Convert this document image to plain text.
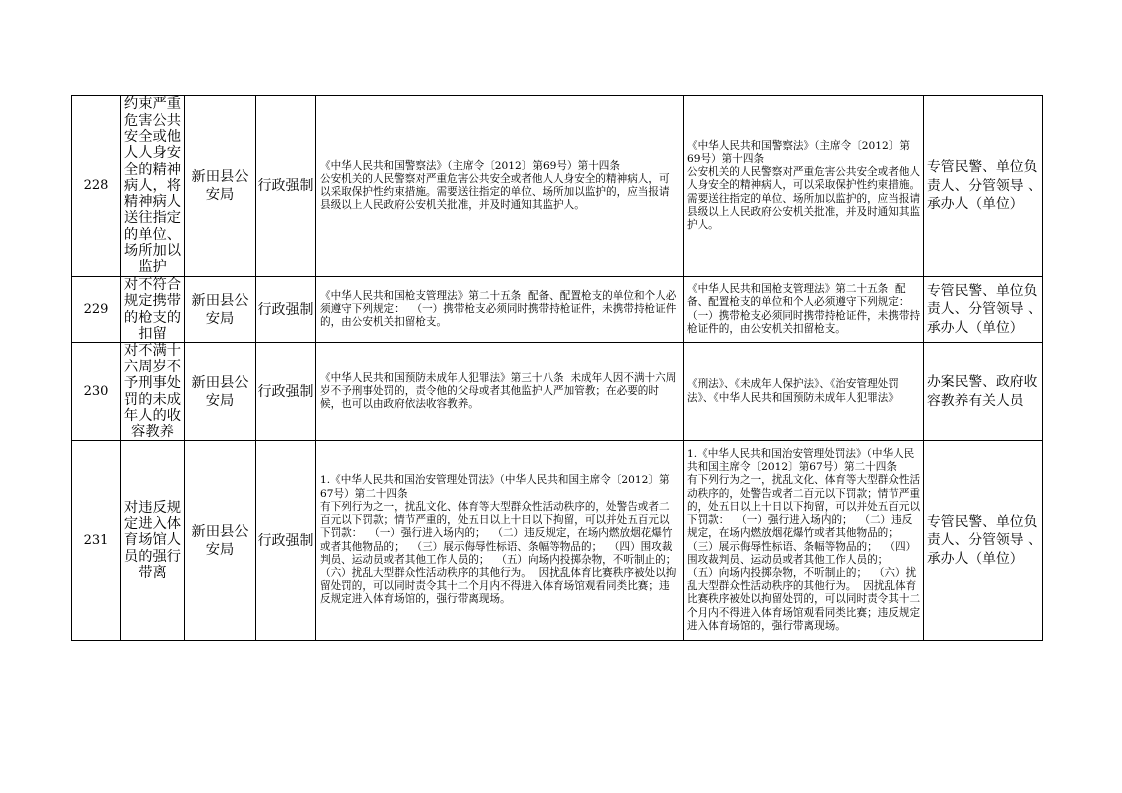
228
约束严重危害公共安全或他人人身安全的精神病人，将精神病人送往指定的单位、场所加以监护
新田县公安局
行政强制
《中华人民共和国警察法》（主席令〔2012〕第69号）第十四条
公安机关的人民警察对严重危害公共安全或者他人人身安全的精神病人，可以采取保护性约束措施。需要送往指定的单位、场所加以监护的，应当报请县级以上人民政府公安机关批准，并及时通知其监护人。
《中华人民共和国警察法》（主席令〔2012〕第69号）第十四条
公安机关的人民警察对严重危害公共安全或者他人人身安全的精神病人，可以采取保护性约束措施。需要送往指定的单位、场所加以监护的，应当报请县级以上人民政府公安机关批准，并及时通知其监护人。
专管民警、单位负责人、分管领导 、承办人（单位）
229
对不符合规定携带的枪支的扣留
新田县公安局
行政强制
《中华人民共和国枪支管理法》第二十五条  配备、配置枪支的单位和个人必须遵守下列规定：  （一）携带枪支必须同时携带持枪证件，未携带持枪证件的，由公安机关扣留枪支。
《中华人民共和国枪支管理法》第二十五条  配备、配置枪支的单位和个人必须遵守下列规定：  （一）携带枪支必须同时携带持枪证件，未携带持枪证件的，由公安机关扣留枪支。
专管民警、单位负责人、分管领导 、承办人（单位）
230
对不满十六周岁不予刑事处罚的未成年人的收容教养
新田县公安局
行政强制
《中华人民共和国预防未成年人犯罪法》第三十八条  未成年人因不满十六周岁不予刑事处罚的，责令他的父母或者其他监护人严加管教；在必要的时候，也可以由政府依法收容教养。
《刑法》、《未成年人保护法》、《治安管理处罚法》、《中华人民共和国预防未成年人犯罪法》
办案民警、政府收容教养有关人员
231
对违反规定进入体育场馆人员的强行带离
新田县公安局
行政强制
1.《中华人民共和国治安管理处罚法》（中华人民共和国主席令〔2012〕第67号）第二十四条
有下列行为之一，扰乱文化、体育等大型群众性活动秩序的，处警告或者二百元以下罚款；情节严重的，处五日以上十日以下拘留，可以并处五百元以下罚款：  （一）强行进入场内的；  （二）违反规定，在场内燃放烟花爆竹或者其他物品的；  （三）展示侮辱性标语、条幅等物品的；  （四）围攻裁判员、运动员或者其他工作人员的；  （五）向场内投掷杂物，不听制止的；  （六）扰乱大型群众性活动秩序的其他行为。  因扰乱体育比赛秩序被处以拘留处罚的，可以同时责令其十二个月内不得进入体育场馆观看同类比赛；违反规定进入体育场馆的，强行带离现场。
1.《中华人民共和国治安管理处罚法》（中华人民共和国主席令〔2012〕第67号）第二十四条
有下列行为之一，扰乱文化、体育等大型群众性活动秩序的，处警告或者二百元以下罚款；情节严重的，处五日以上十日以下拘留，可以并处五百元以下罚款：  （一）强行进入场内的；  （二）违反规定，在场内燃放烟花爆竹或者其他物品的；  （三）展示侮辱性标语、条幅等物品的；  （四）围攻裁判员、运动员或者其他工作人员的；  （五）向场内投掷杂物，不听制止的；  （六）扰乱大型群众性活动秩序的其他行为。  因扰乱体育比赛秩序被处以拘留处罚的，可以同时责令其十二个月内不得进入体育场馆观看同类比赛；违反规定进入体育场馆的，强行带离现场。
专管民警、单位负责人、分管领导 、承办人（单位）
